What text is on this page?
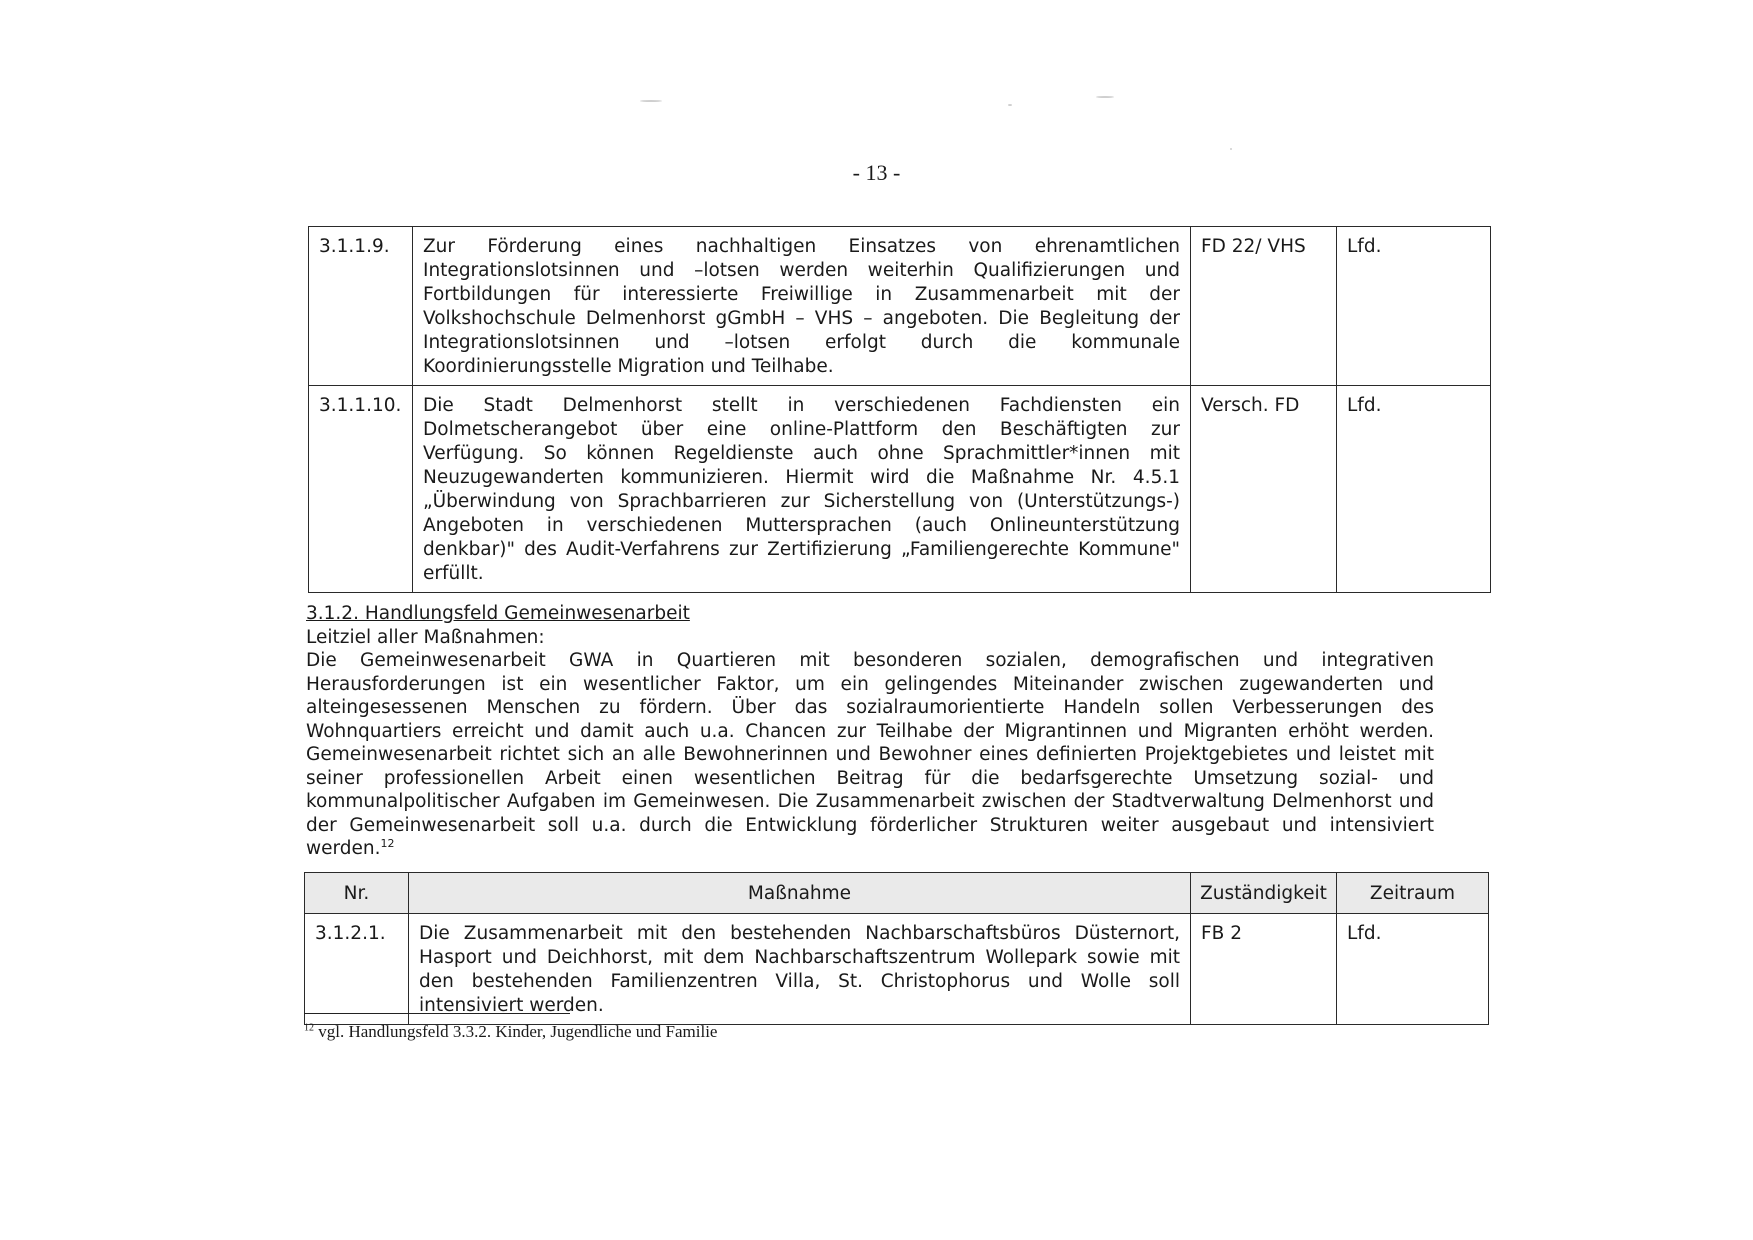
- 13 -
3.1.1.9.	Zur Förderung eines nachhaltigen Einsatzes von ehrenamtlichen Integrationslotsinnen und –lotsen werden weiterhin Qualifizierungen und Fortbildungen für interessierte Freiwillige in Zusammenarbeit mit der Volkshochschule Delmenhorst gGmbH – VHS – angeboten. Die Begleitung der Integrationslotsinnen und –lotsen erfolgt durch die kommunale Koordinierungsstelle Migration und Teilhabe.	FD 22/ VHS	Lfd.
3.1.1.10.	Die Stadt Delmenhorst stellt in verschiedenen Fachdiensten ein Dolmetscherangebot über eine online-Plattform den Beschäftigten zur Verfügung. So können Regeldienste auch ohne Sprachmittler*innen mit Neuzugewanderten kommunizieren. Hiermit wird die Maßnahme Nr. 4.5.1 „Überwindung von Sprachbarrieren zur Sicherstellung von (Unterstützungs-) Angeboten in verschiedenen Muttersprachen (auch Onlineunterstützung denkbar)" des Audit-Verfahrens zur Zertifizierung „Familiengerechte Kommune" erfüllt.	Versch. FD	Lfd.
3.1.2. Handlungsfeld Gemeinwesenarbeit
Leitziel aller Maßnahmen:
Die Gemeinwesenarbeit GWA in Quartieren mit besonderen sozialen, demografischen und integrativen Herausforderungen ist ein wesentlicher Faktor, um ein gelingendes Miteinander zwischen zugewanderten und alteingesessenen Menschen zu fördern. Über das sozialraumorientierte Handeln sollen Verbesserungen des Wohnquartiers erreicht und damit auch u.a. Chancen zur Teilhabe der Migrantinnen und Migranten erhöht werden. Gemeinwesenarbeit richtet sich an alle Bewohnerinnen und Bewohner eines definierten Projektgebietes und leistet mit seiner professionellen Arbeit einen wesentlichen Beitrag für die bedarfsgerechte Umsetzung sozial- und kommunalpolitischer Aufgaben im Gemeinwesen. Die Zusammenarbeit zwischen der Stadtverwaltung Delmenhorst und der Gemeinwesenarbeit soll u.a. durch die Entwicklung förderlicher Strukturen weiter ausgebaut und intensiviert werden.$^{12}$
Nr.	Maßnahme	Zuständigkeit	Zeitraum
3.1.2.1.	Die Zusammenarbeit mit den bestehenden Nachbarschaftsbüros Düsternort, Hasport und Deichhorst, mit dem Nachbarschaftszentrum Wollepark sowie mit den bestehenden Familienzentren Villa, St. Christophorus und Wolle soll intensiviert werden.	FB 2	Lfd.
$^{12}$ vgl. Handlungsfeld 3.3.2. Kinder, Jugendliche und Familie
